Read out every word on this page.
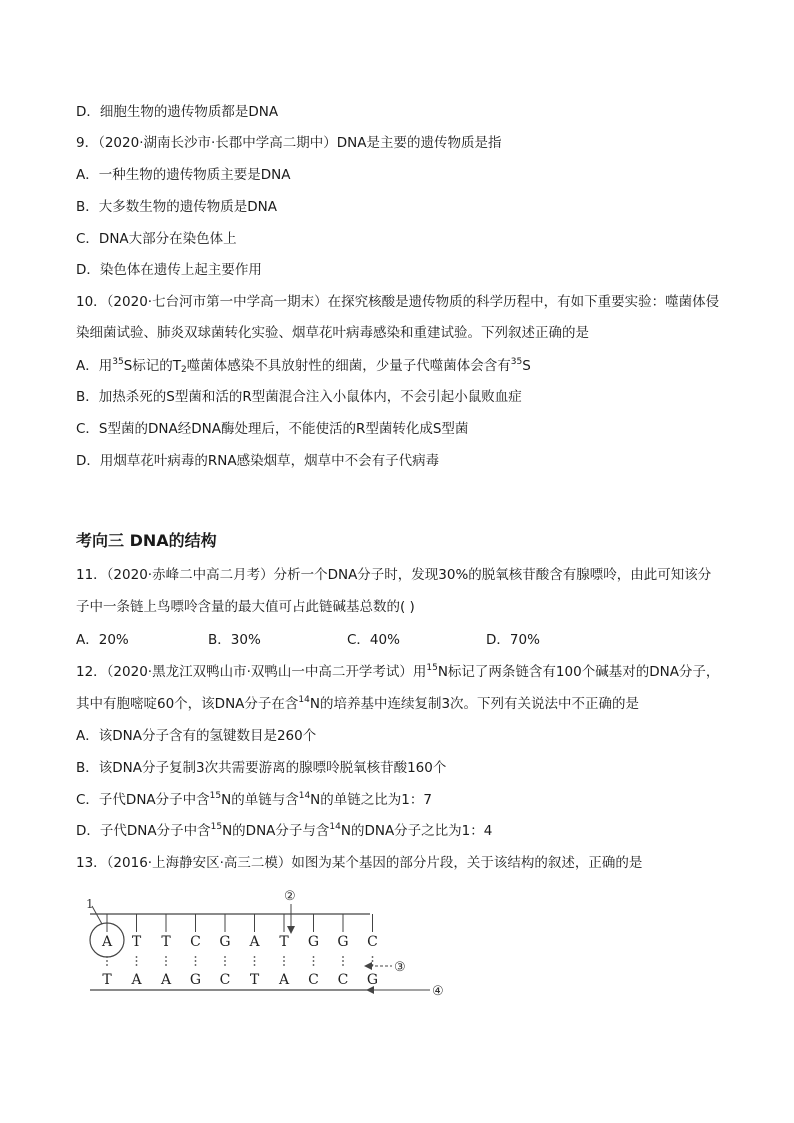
D．细胞生物的遗传物质都是DNA
9．（2020·湖南长沙市·长郡中学高二期中）DNA是主要的遗传物质是指
A．一种生物的遗传物质主要是DNA
B．大多数生物的遗传物质是DNA
C．DNA大部分在染色体上
D．染色体在遗传上起主要作用
10．（2020·七台河市第一中学高一期末）在探究核酸是遗传物质的科学历程中，有如下重要实验：噬菌体侵
染细菌试验、肺炎双球菌转化实验、烟草花叶病毒感染和重建试验。下列叙述正确的是
A．用$^{35}$S标记的$T_2$噬菌体感染不具放射性的细菌，少量子代噬菌体会含有$^{35}$S
B．加热杀死的S型菌和活的R型菌混合注入小鼠体内，不会引起小鼠败血症
C．S型菌的DNA经DNA酶处理后，不能使活的R型菌转化成S型菌
D．用烟草花叶病毒的RNA感染烟草，烟草中不会有子代病毒
考向三 DNA的结构
11．（2020·赤峰二中高二月考）分析一个DNA分子时，发现30%的脱氧核苷酸含有腺嘌呤，由此可知该分
子中一条链上鸟嘌呤含量的最大值可占此链碱基总数的( )
A．20%	B．30%	C．40%	D．70%
12．（2020·黑龙江双鸭山市·双鸭山一中高二开学考试）用$^{15}$N标记了两条链含有100个碱基对的DNA分子，
其中有胞嘧啶60个，该DNA分子在含$^{14}$N的培养基中连续复制3次。下列有关说法中不正确的是
A．该DNA分子含有的氢键数目是260个
B．该DNA分子复制3次共需要游离的腺嘌呤脱氧核苷酸160个
C．子代DNA分子中含$^{15}$N的单链与含$^{14}$N的单链之比为1：7
D．子代DNA分子中含$^{15}$N的DNA分子与含$^{14}$N的DNA分子之比为1：4
13．（2016·上海静安区·高三二模）如图为某个基因的部分片段，关于该结构的叙述，正确的是
1	②
③
④
A
T
T
A
T
A
C
G
G
C
A
T
T
A
G
C
G
C
C
G
